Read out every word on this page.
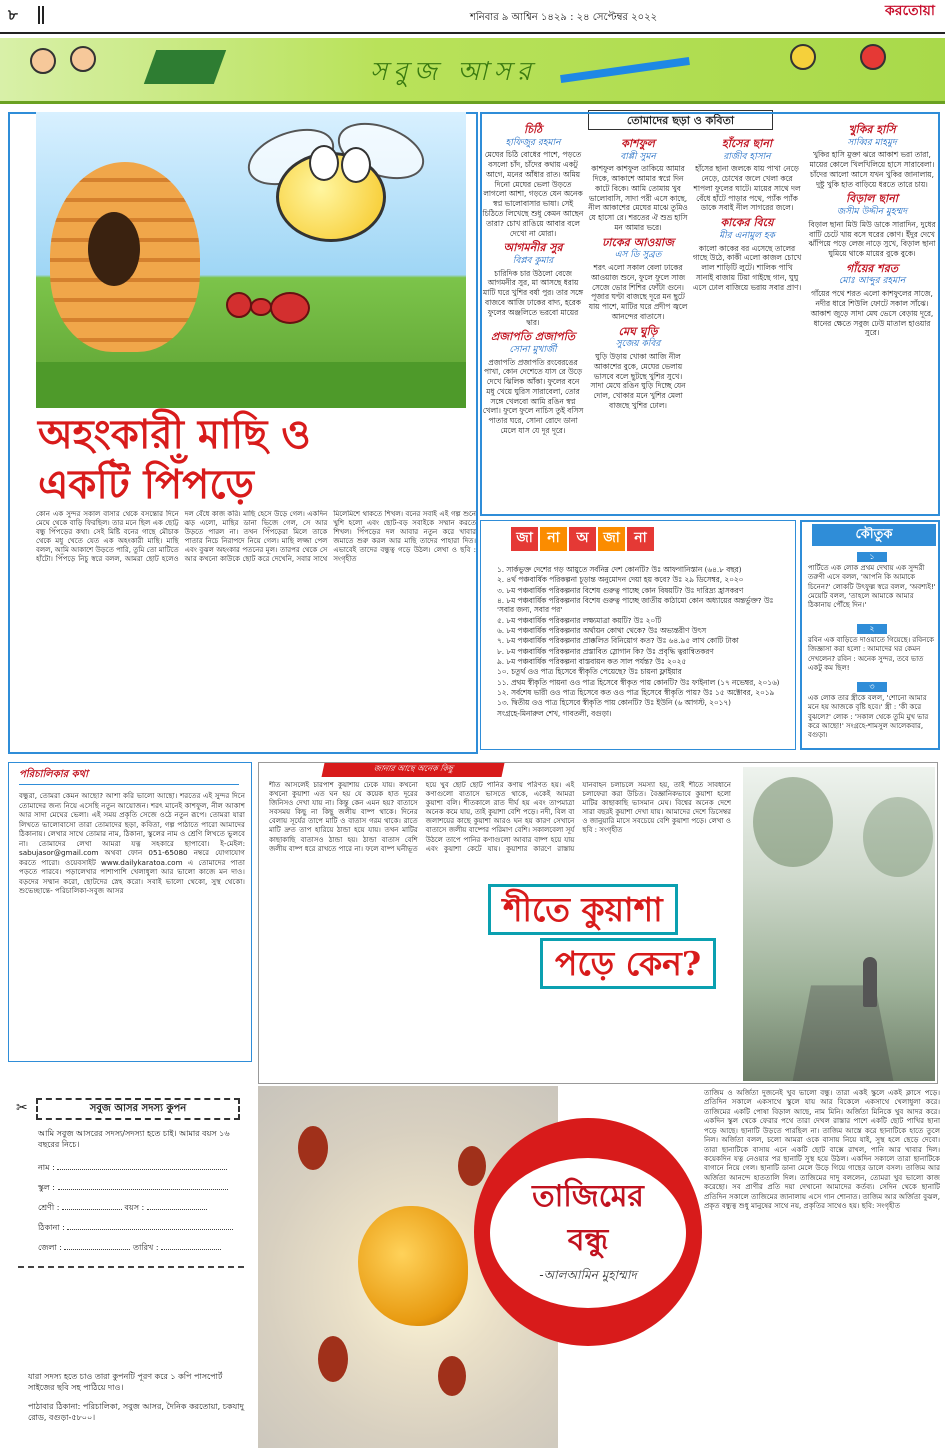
৮	শনিবার ৯ আশ্বিন ১৪২৯ : ২৪ সেপ্টেম্বর ২০২২	করতোয়া
সবুজ আসর
অহংকারী মাছি ও
একটি পিঁপড়ে
কোন এক সুন্দর সকাল বাসার থেকে বসন্তোর দিনে মেঘে থেকে বাড়ি ফিরছিল। তার মনে ছিল এক ছোট্ট বন্ধু পিঁপড়ের কথা। সেই মিষ্টি বনের গাছে মৌচাক থেকে মধু খেতে যেত এক অহংকারী মাছি। মাছি বলল, আমি আকাশে উড়তে পারি, তুমি তো মাটিতে হাঁটো। পিঁপড়ে নিচু স্বরে বলল, আমরা ছোট হলেও দল বেঁধে কাজ করি। মাছি হেসে উড়ে গেল। একদিন ঝড় এলো, মাছির ডানা ভিজে গেল, সে আর উড়তে পারল না। তখন পিঁপড়েরা মিলে তাকে পাতার নিচে নিরাপদে নিয়ে গেল। মাছি লজ্জা পেল এবং বুঝল অহংকার পতনের মূল। তারপর থেকে সে আর কখনো কাউকে ছোট করে দেখেনি, সবার সাথে মিলেমিশে থাকতে শিখল। বনের সবাই এই গল্প শুনে খুশি হলো এবং ছোট-বড় সবাইকে সম্মান করতে শিখল। পিঁপড়ের দল আবার নতুন করে খাবার জমাতে শুরু করল আর মাছি তাদের পাহারা দিত। এভাবেই তাদের বন্ধুত্ব গড়ে উঠল। লেখা ও ছবি : সংগৃহীত
তোমাদের ছড়া ও কবিতা
চিঠি
হাফিজুর রহমান
মেঘের চিঠি বোধের পাশে, পড়তে বসলো চাঁদ, চাঁদের কথায় একটু আগে, মনের আঁধার রাত। অমিয় দিনো মেঘের ভেলা উড়তে লাগলো আশা, গড়তে যেন অনেক স্বপ্ন ভালোবাসার ভাষা। সেই চিঠিতে লিখেছে শুধু কেমন আছেন তারা? চোখ রাঙিয়ে আবার বলে দেখো না মোরা।
আগমনীর সুর
বিপ্লব কুমার
চারিদিক চার উঠলো বেজে আগমনীর সুর, মা আসছে ধরায় মাটি ঘরে খুশির বর্ষা পুর। তার সঙ্গে বাজবে আজি ঢাকের বাদ্য, হরেক ফুলের অঞ্জলিতে ভরবো মায়ের দ্বার।
প্রজাপতি প্রজাপতি
সোনা মুখার্জী
প্রজাপতি প্রজাপতি রংবেরঙের পাখা, কোন দেশেতে যাস রে উড়ে দেখে ঝিলিক আঁকা। ফুলের বনে মধু খেয়ে ঘুরিস সারাবেলা, তোর সঙ্গে খেলবো আমি রঙিন স্বপ্ন খেলা। ফুলে ফুলে নাচিস তুই বসিস পাতার ঘরে, সোনা রোদে ডানা মেলে যাস যে দূর দূরে।
কাশফুল
বাপ্পী সুমন
কাশফুল কাশফুল তাকিয়ে আমার দিকে, আকাশে আমার স্বপ্নে দিন কাটে বিকে। আমি তোমায় খুব ভালোবাসি, সাদা পরী এসে কাছে, নীল আকাশের মেঘের মাঝে তুমিও যে হাসো রে। শরতের ঐ শুভ্র হাসি মন আমার ভরে।
ঢাকের আওয়াজ
এস ডি সুব্রত
শরৎ এলো সকাল বেলা ঢাকের আওয়াজ শুনে, ফুলে ফুলে সাজ সেজে ভোর শিশির ফোঁটা গুনে। পূজার ঘণ্টা বাজছে দূরে মন ছুটে যায় পাশে, মাটির ঘরে প্রদীপ জ্বলে আনন্দের বাতাসে।
মেঘ ঘুড়ি
সুজেয় কবির
ঘুড়ি উড়ায় খোকা আজি নীল আকাশের বুকে, মেঘের ভেলায় ভাসবে বলে ছুটছে খুশির সুখে। সাদা মেঘে রঙিন ঘুড়ি দিচ্ছে যেন দোল, খোকার মনে খুশির মেলা বাজছে খুশির ঢোল।
হাঁসের ছানা
রাজীব হাসান
হাঁসের ছানা জলকে যায় পাখা নেড়ে নেড়ে, চোখের জলে খেলা করে শাপলা ফুলের ঘাটে। মায়ের সাথে দল বেঁধে হাঁটে পাড়ার পথে, প্যাঁক প্যাঁক ডাকে সবাই নীল সাগরের জলে।
কাকের বিয়ে
মীর এনামুল হক
কালো কাকের বর এসেছে তালের গাছে উঠে, কাকী এলো কাজল চোখে লাল শাড়িটি লুটে। শালিক পাখি সানাই বাজায় টিয়া গাইছে গান, ঘুঘু এসে ঢোল বাজিয়ে ভরায় সবার প্রাণ।
খুকির হাসি
সাব্বির মাহমুদ
খুকির হাসি মুক্তা ঝরে আকাশ ভরা তারা, মায়ের কোলে খিলখিলিয়ে হাসে সারাবেলা। চাঁদের আলো আসে যখন খুকির জানালায়, দুষ্টু খুকি হাত বাড়িয়ে ধরতে তারে চায়।
বিড়াল ছানা
জসীম উদ্দীন মুহম্মদ
বিড়াল ছানা মিউ মিউ ডাকে সারাদিন, দুধের বাটি চেটে খায় বসে ঘরের কোণ। ইঁদুর দেখে ঝাঁপিয়ে পড়ে লেজ নাড়ে সুখে, বিড়াল ছানা ঘুমিয়ে থাকে মায়ের বুকে বুকে।
গাঁয়ের শরত
মোঃ আব্দুর রহমান
গাঁয়ের পথে শরত এলো কাশফুলের সাজে, নদীর ধারে শিউলি ফোটে সকাল সাঁঝে। আকাশ জুড়ে সাদা মেঘ ভেসে বেড়ায় দূরে, ধানের ক্ষেতে সবুজ ঢেউ মাতাল হাওয়ার সুরে।
জা না অ জা না
১. সার্কভুক্ত দেশের গড় আয়ুতে সর্বনিম্ন দেশ কোনটি? উঃ আফগানিস্তান (৬৪.৮ বছর)
২. ৪র্থ পঞ্চবার্ষিক পরিকল্পনা চূড়ান্ত অনুমোদন দেয়া হয় কবে? উঃ ২৯ ডিসেম্বর, ২০২০
৩. ৮ম পঞ্চবার্ষিক পরিকল্পনার বিশেষ গুরুত্ব পাচ্ছে কোন বিষয়টি? উঃ দারিদ্র্য হ্রাসকরণ
৪. ৮ম পঞ্চবার্ষিক পরিকল্পনার বিশেষ গুরুত্ব পাচ্ছে জাতীয় কাঠামো কোন অধ্যায়ের অন্তর্ভুক্ত? উঃ 'সবার জন্য, সবার পর'
৫. ৮ম পঞ্চবার্ষিক পরিকল্পনার লক্ষ্যমাত্রা কয়টি? উঃ ২০টি
৬. ৮ম পঞ্চবার্ষিক পরিকল্পনার অর্থায়ন কোথা থেকে? উঃ অভ্যন্তরীণ উৎস
৭. ৮ম পঞ্চবার্ষিক পরিকল্পনার প্রাক্কলিত বিনিয়োগ কত? উঃ ৬৪.৯৫ লাখ কোটি টাকা
৮. ৮ম পঞ্চবার্ষিক পরিকল্পনার প্রস্তাবিত স্লোগান কি? উঃ প্রবৃদ্ধি ত্বরান্বিতকরণ
৯. ৮ম পঞ্চবার্ষিক পরিকল্পনা বাস্তবায়ন কত সাল পর্যন্ত? উঃ ২০২৫
১০. চতুর্থ ওও পাত্র হিসেবে স্বীকৃতি পেয়েছে? উঃ চায়না ফ্লাইয়ার
১১. প্রথম স্বীকৃতি পায়না ওও পাত্র হিসেবে স্বীকৃত পায় কোনটি? উঃ ফাইনাল (১৭ নভেম্বর, ২০১৬)
১২. সর্বশেষ ভারী ওও পাত্র হিসেবে কত ওও পাত্র হিসেবে স্বীকৃতি পায়? উঃ ১৫ অক্টোবর, ২০১৯
১৩. দ্বিতীয় ওও পাত্র হিসেবে স্বীকৃতি পায় কোনটি? উঃ ইউনি (৬ আগস্ট, ২০১৭)
সংগ্রহে-মিনারুল শেখ, গাবতলী, বগুড়া।
কৌতুক
১
পার্টিতে এক লোক প্রথম দেখায় এক সুন্দরী তরুণী এসে বলল, 'আপনি কি আমাকে চিনেন?' লোকটি উৎফুল্ল স্বরে বলল, 'অবশ্যই!' মেয়েটি বলল, 'তাহলে আমাকে আমার ঠিকানায় পৌঁছে দিন।'
২
রবিন এক বাড়িতে দাওয়াতে গিয়েছে। রবিনকে জিজ্ঞাসা করা হলো : আমাদের ঘর কেমন দেখলেন? রবিন : অনেক সুন্দর, তবে ভাত একটু কম ছিল!
৩
এক লোক তার স্ত্রীকে বলল, 'শোনো আমার মনে হয় আজকে বৃষ্টি হবে।' স্ত্রী : 'কী করে বুঝলে?' লোক : 'সকাল থেকে তুমি মুখ ভার করে আছো!' সংগ্রহে-শামসুল আলেকবার, বগুড়া।
পরিচালিকার কথা
বন্ধুরা, তোমরা কেমন আছো? আশা করি ভালো আছো। শরতের এই সুন্দর দিনে তোমাদের জন্য নিয়ে এসেছি নতুন আয়োজন। শরৎ মানেই কাশফুল, নীল আকাশ আর সাদা মেঘের ভেলা। এই সময় প্রকৃতি সেজে ওঠে নতুন রূপে। তোমরা যারা লিখতে ভালোবাসো তারা তোমাদের ছড়া, কবিতা, গল্প পাঠাতে পারো আমাদের ঠিকানায়। লেখার সাথে তোমার নাম, ঠিকানা, স্কুলের নাম ও শ্রেণি লিখতে ভুলবে না। তোমাদের লেখা আমরা যত্ন সহকারে ছাপাবো। ই-মেইল: sabujasor@gmail.com অথবা ফোন 051-65080 নম্বরে যোগাযোগ করতে পারো। ওয়েবসাইট www.dailykaratoa.com এ তোমাদের পাতা পড়তে পারবে। পড়ালেখার পাশাপাশি খেলাধুলা আর ভালো কাজে মন দাও। বড়দের সম্মান করো, ছোটদের স্নেহ করো। সবাই ভালো থেকো, সুস্থ থেকো। শুভেচ্ছান্তে- পরিচালিকা-সবুজ আসর
জানার আছে অনেক কিছু
শীত আসলেই চারপাশ কুয়াশায় ঢেকে যায়। কখনো কখনো কুয়াশা এত ঘন হয় যে কয়েক হাত দূরের জিনিসও দেখা যায় না। কিন্তু কেন এমন হয়? বাতাসে সবসময় কিছু না কিছু জলীয় বাষ্প থাকে। দিনের বেলায় সূর্যের তাপে মাটি ও বাতাস গরম থাকে। রাতে মাটি দ্রুত তাপ হারিয়ে ঠান্ডা হয়ে যায়। তখন মাটির কাছাকাছি বাতাসও ঠান্ডা হয়। ঠান্ডা বাতাস বেশি জলীয় বাষ্প ধরে রাখতে পারে না। ফলে বাষ্প ঘনীভূত হয়ে খুব ছোট ছোট পানির কণায় পরিণত হয়। এই কণাগুলো বাতাসে ভাসতে থাকে, একেই আমরা কুয়াশা বলি। শীতকালে রাত দীর্ঘ হয় এবং তাপমাত্রা অনেক কমে যায়, তাই কুয়াশা বেশি পড়ে। নদী, বিল বা জলাশয়ের কাছে কুয়াশা আরও ঘন হয় কারণ সেখানে বাতাসে জলীয় বাষ্পের পরিমাণ বেশি। সকালবেলা সূর্য উঠলে তাপে পানির কণাগুলো আবার বাষ্প হয়ে যায় এবং কুয়াশা কেটে যায়। কুয়াশার কারণে রাস্তায় যানবাহন চলাচলে সমস্যা হয়, তাই শীতে সাবধানে চলাফেরা করা উচিত। বৈজ্ঞানিকভাবে কুয়াশা হলো মাটির কাছাকাছি ভাসমান মেঘ। বিশ্বের অনেক দেশে সারা বছরই কুয়াশা দেখা যায়। আমাদের দেশে ডিসেম্বর ও জানুয়ারি মাসে সবচেয়ে বেশি কুয়াশা পড়ে। লেখা ও ছবি : সংগৃহীত
শীতে কুয়াশা
পড়ে কেন?
✂	সবুজ আসর সদস্য কুপন
আমি সবুজ আসরের সদস্য/সদস্যা হতে চাই। আমার বয়স ১৬ বছরের নিচে।
নাম :
স্কুল :
শ্রেণী :	বয়স :
ঠিকানা :
জেলা :	তারিখ :
যারা সদস্য হতে চাও তারা কুপনটি পূরণ করে ১ কপি পাসপোর্ট সাইজের ছবি সহ পাঠিয়ে দাও।
পাঠাবার ঠিকানা: পরিচালিকা, সবুজ আসর, দৈনিক করতোয়া, চকযাদু রোড, বগুড়া-৫৮০০।
তাজিমের
বন্ধু
-আলআমিন মুহাম্মাদ
তাজিম ও অর্জিতা দুজনেই খুব ভালো বন্ধু। তারা একই স্কুলে একই ক্লাসে পড়ে। প্রতিদিন সকালে একসাথে স্কুলে যায় আর বিকেলে একসাথে খেলাধুলা করে। তাজিমের একটি পোষা বিড়াল আছে, নাম মিনি। অর্জিতা মিনিকে খুব আদর করে। একদিন স্কুল থেকে ফেরার পথে তারা দেখল রাস্তার পাশে একটি ছোট পাখির ছানা পড়ে আছে। ছানাটি উড়তে পারছিল না। তাজিম আস্তে করে ছানাটিকে হাতে তুলে নিল। অর্জিতা বলল, চলো আমরা ওকে বাসায় নিয়ে যাই, সুস্থ হলে ছেড়ে দেবো। তারা ছানাটিকে বাসায় এনে একটি ছোট বাক্সে রাখল, পানি আর খাবার দিল। কয়েকদিন যত্ন নেওয়ার পর ছানাটি সুস্থ হয়ে উঠল। একদিন সকালে তারা ছানাটিকে বাগানে নিয়ে গেল। ছানাটি ডানা মেলে উড়ে গিয়ে গাছের ডালে বসল। তাজিম আর অর্জিতা আনন্দে হাততালি দিল। তাজিমের দাদু বললেন, তোমরা খুব ভালো কাজ করেছো। সব প্রাণীর প্রতি দয়া দেখানো আমাদের কর্তব্য। সেদিন থেকে ছানাটি প্রতিদিন সকালে তাজিমের জানালায় এসে গান শোনাত। তাজিম আর অর্জিতা বুঝল, প্রকৃত বন্ধুত্ব শুধু মানুষের সাথে নয়, প্রকৃতির সাথেও হয়। ছবি: সংগৃহীত
